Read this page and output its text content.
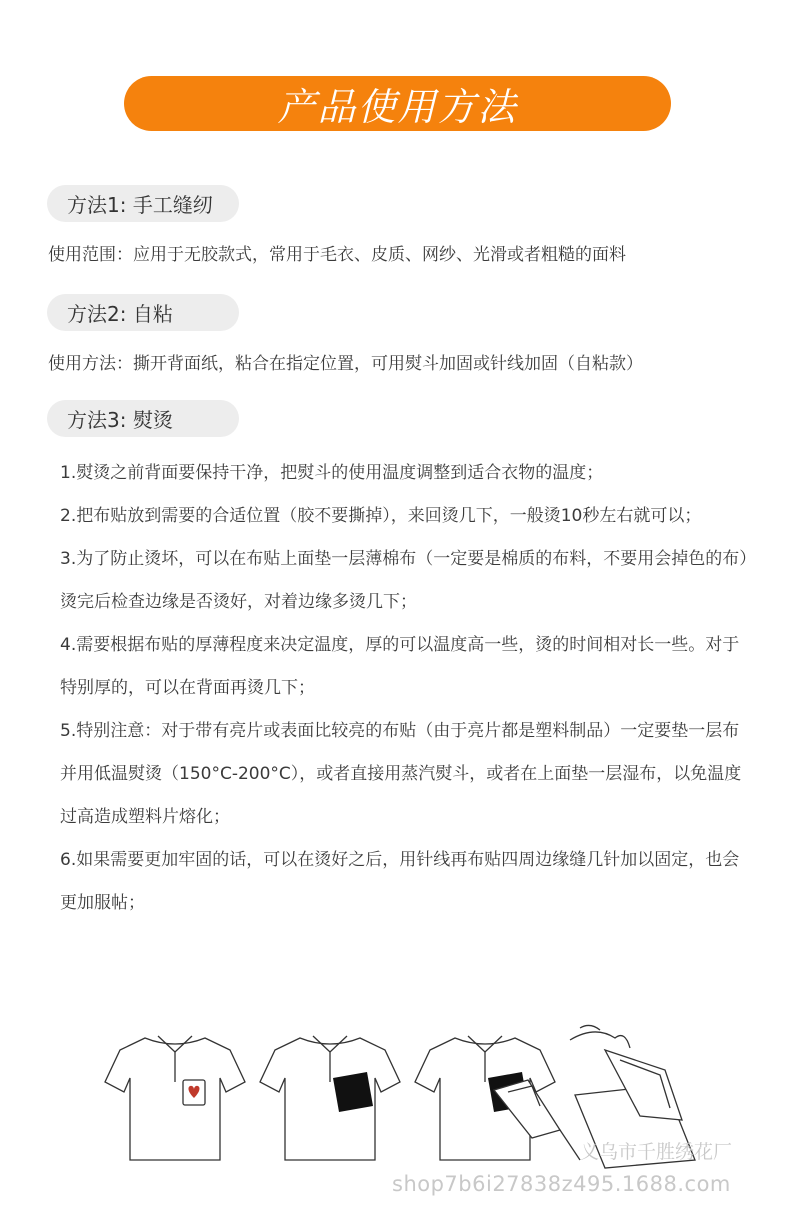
产品使用方法
方法1: 手工缝纫
使用范围：应用于无胶款式，常用于毛衣、皮质、网纱、光滑或者粗糙的面料
方法2: 自粘
使用方法：撕开背面纸，粘合在指定位置，可用熨斗加固或针线加固（自粘款）
方法3: 熨烫

1.熨烫之前背面要保持干净，把熨斗的使用温度调整到适合衣物的温度；

2.把布贴放到需要的合适位置（胶不要撕掉），来回烫几下，一般烫10秒左右就可以；

3.为了防止烫坏，可以在布贴上面垫一层薄棉布（一定要是棉质的布料，不要用会掉色的布）烫完后检查边缘是否烫好，对着边缘多烫几下；

4.需要根据布贴的厚薄程度来决定温度，厚的可以温度高一些，烫的时间相对长一些。对于特别厚的，可以在背面再烫几下；

5.特别注意：对于带有亮片或表面比较亮的布贴（由于亮片都是塑料制品）一定要垫一层布并用低温熨烫（150°C-200°C），或者直接用蒸汽熨斗，或者在上面垫一层湿布，以免温度过高造成塑料片熔化；

6.如果需要更加牢固的话，可以在烫好之后，用针线再布贴四周边缘缝几针加以固定，也会更加服帖；

义乌市千胜绣花厂
shop7b6i27838z495.1688.com
